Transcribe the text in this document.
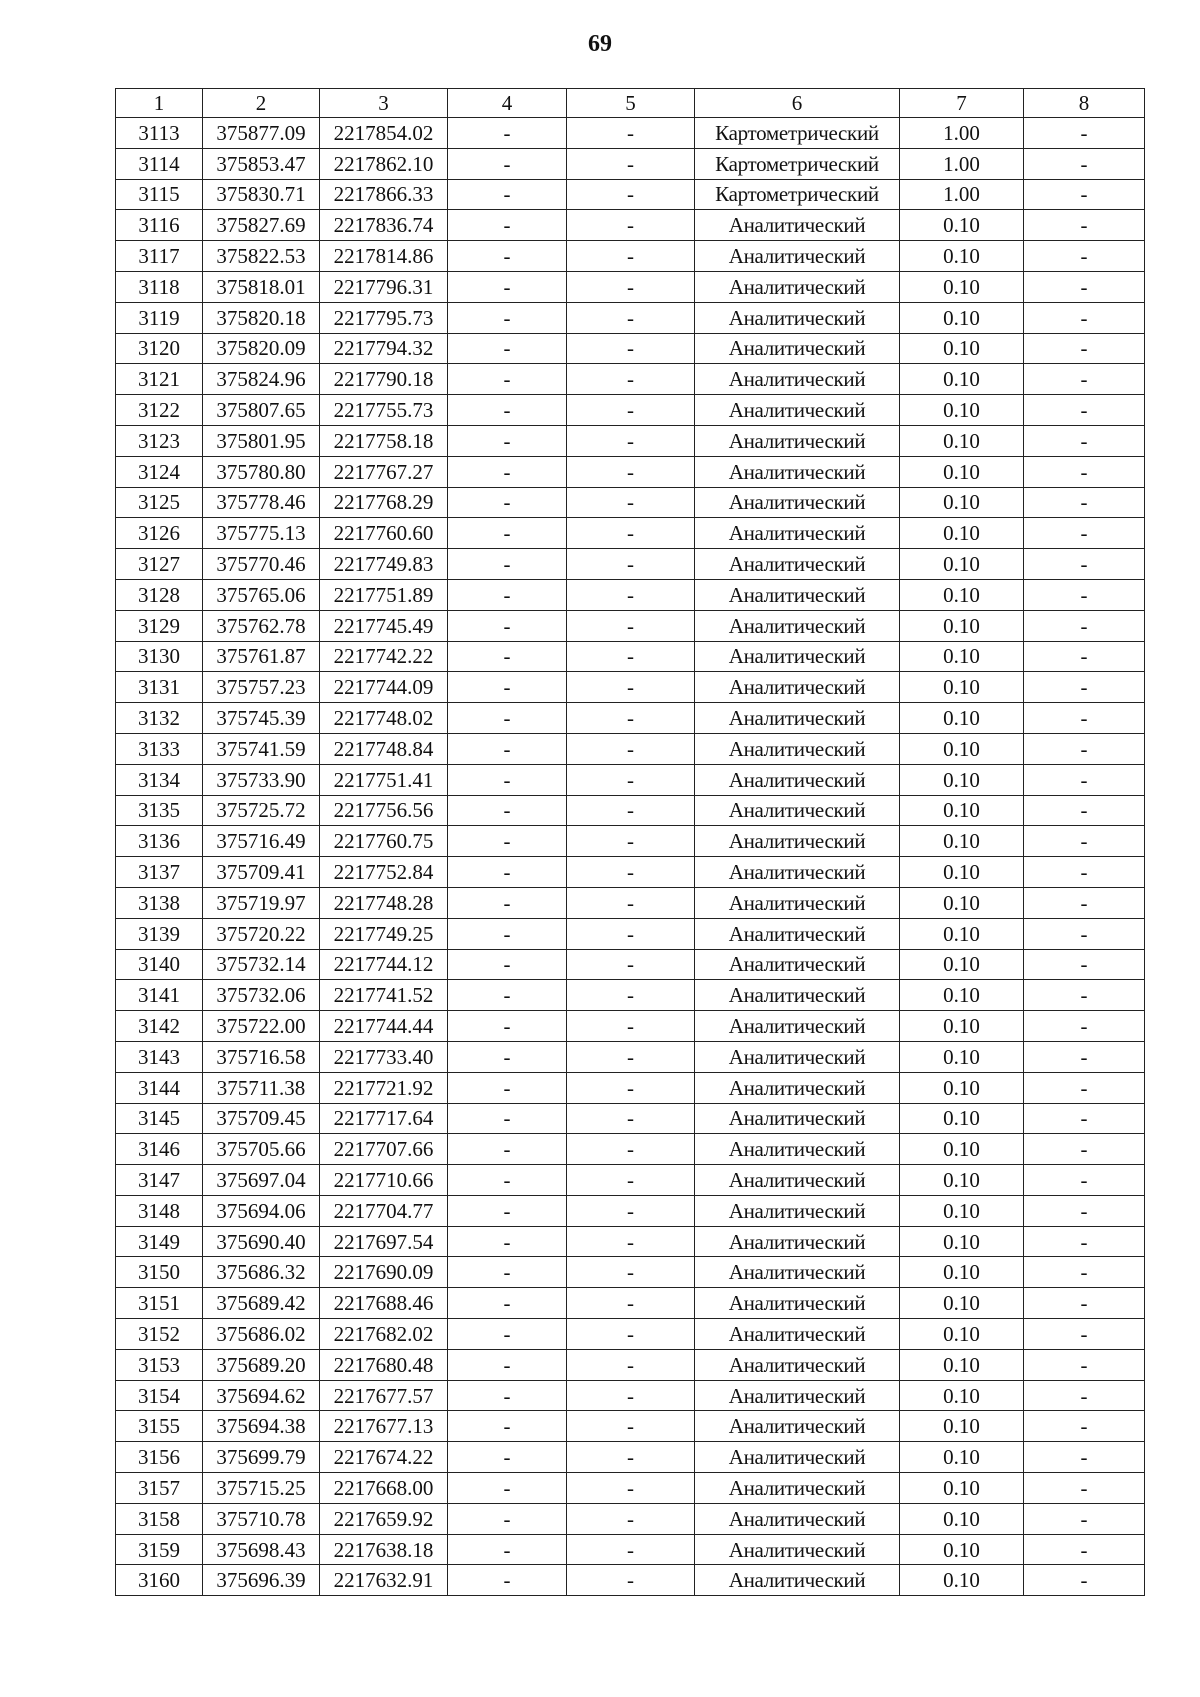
69
1	2	3	4	5	6	7	8
3113	375877.09	2217854.02	-	-	Картометрический	1.00	-
3114	375853.47	2217862.10	-	-	Картометрический	1.00	-
3115	375830.71	2217866.33	-	-	Картометрический	1.00	-
3116	375827.69	2217836.74	-	-	Аналитический	0.10	-
3117	375822.53	2217814.86	-	-	Аналитический	0.10	-
3118	375818.01	2217796.31	-	-	Аналитический	0.10	-
3119	375820.18	2217795.73	-	-	Аналитический	0.10	-
3120	375820.09	2217794.32	-	-	Аналитический	0.10	-
3121	375824.96	2217790.18	-	-	Аналитический	0.10	-
3122	375807.65	2217755.73	-	-	Аналитический	0.10	-
3123	375801.95	2217758.18	-	-	Аналитический	0.10	-
3124	375780.80	2217767.27	-	-	Аналитический	0.10	-
3125	375778.46	2217768.29	-	-	Аналитический	0.10	-
3126	375775.13	2217760.60	-	-	Аналитический	0.10	-
3127	375770.46	2217749.83	-	-	Аналитический	0.10	-
3128	375765.06	2217751.89	-	-	Аналитический	0.10	-
3129	375762.78	2217745.49	-	-	Аналитический	0.10	-
3130	375761.87	2217742.22	-	-	Аналитический	0.10	-
3131	375757.23	2217744.09	-	-	Аналитический	0.10	-
3132	375745.39	2217748.02	-	-	Аналитический	0.10	-
3133	375741.59	2217748.84	-	-	Аналитический	0.10	-
3134	375733.90	2217751.41	-	-	Аналитический	0.10	-
3135	375725.72	2217756.56	-	-	Аналитический	0.10	-
3136	375716.49	2217760.75	-	-	Аналитический	0.10	-
3137	375709.41	2217752.84	-	-	Аналитический	0.10	-
3138	375719.97	2217748.28	-	-	Аналитический	0.10	-
3139	375720.22	2217749.25	-	-	Аналитический	0.10	-
3140	375732.14	2217744.12	-	-	Аналитический	0.10	-
3141	375732.06	2217741.52	-	-	Аналитический	0.10	-
3142	375722.00	2217744.44	-	-	Аналитический	0.10	-
3143	375716.58	2217733.40	-	-	Аналитический	0.10	-
3144	375711.38	2217721.92	-	-	Аналитический	0.10	-
3145	375709.45	2217717.64	-	-	Аналитический	0.10	-
3146	375705.66	2217707.66	-	-	Аналитический	0.10	-
3147	375697.04	2217710.66	-	-	Аналитический	0.10	-
3148	375694.06	2217704.77	-	-	Аналитический	0.10	-
3149	375690.40	2217697.54	-	-	Аналитический	0.10	-
3150	375686.32	2217690.09	-	-	Аналитический	0.10	-
3151	375689.42	2217688.46	-	-	Аналитический	0.10	-
3152	375686.02	2217682.02	-	-	Аналитический	0.10	-
3153	375689.20	2217680.48	-	-	Аналитический	0.10	-
3154	375694.62	2217677.57	-	-	Аналитический	0.10	-
3155	375694.38	2217677.13	-	-	Аналитический	0.10	-
3156	375699.79	2217674.22	-	-	Аналитический	0.10	-
3157	375715.25	2217668.00	-	-	Аналитический	0.10	-
3158	375710.78	2217659.92	-	-	Аналитический	0.10	-
3159	375698.43	2217638.18	-	-	Аналитический	0.10	-
3160	375696.39	2217632.91	-	-	Аналитический	0.10	-
